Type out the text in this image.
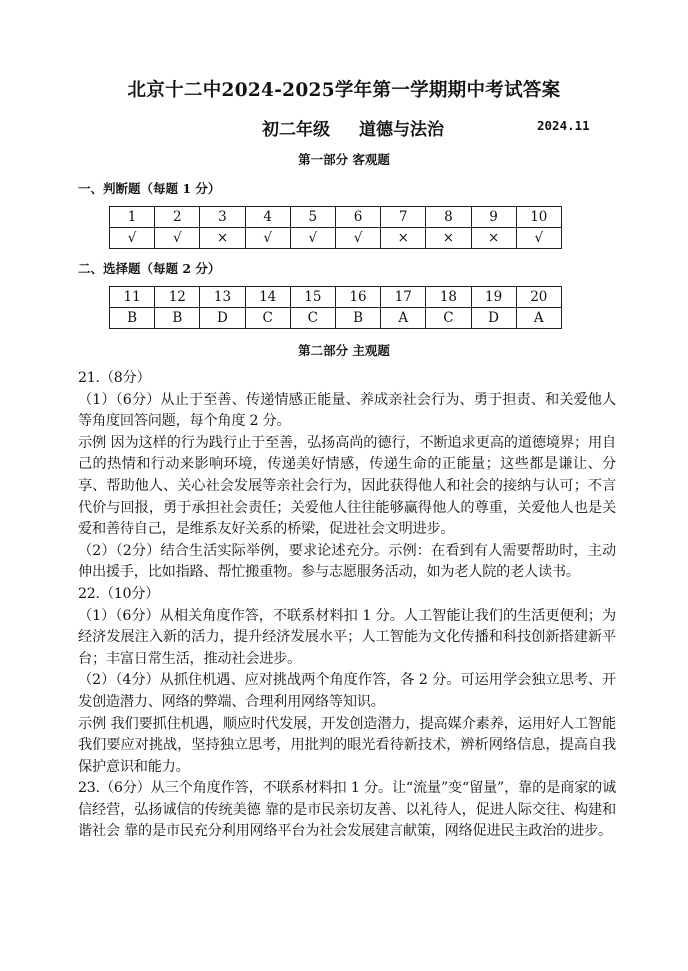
北京十二中2024-2025学年第一学期期中考试答案
初二年级 道德与法治	2024.11
第一部分 客观题
一、判断题（每题 1 分）
1	2	3	4	5	6	7	8	9	10
√	√	×	√	√	√	×	×	×	√
二、选择题（每题 2 分）
11	12	13	14	15	16	17	18	19	20
B	B	D	C	C	B	A	C	D	A
第二部分 主观题

21.（8分）

（1）（6分）从止于至善、传递情感正能量、养成亲社会行为、勇于担责、和关爱他人等角度回答问题，每个角度 2 分。

示例 因为这样的行为践行止于至善，弘扬高尚的德行，不断追求更高的道德境界；用自己的热情和行动来影响环境，传递美好情感，传递生命的正能量；这些都是谦让、分享、帮助他人、关心社会发展等亲社会行为，因此获得他人和社会的接纳与认可；不言代价与回报，勇于承担社会责任；关爱他人往往能够赢得他人的尊重，关爱他人也是关爱和善待自己，是维系友好关系的桥梁，促进社会文明进步。

（2）（2分）结合生活实际举例，要求论述充分。示例：在看到有人需要帮助时，主动伸出援手，比如指路、帮忙搬重物。参与志愿服务活动，如为老人院的老人读书。

22.（10分）

（1）（6分）从相关角度作答，不联系材料扣 1 分。人工智能让我们的生活更便利；为经济发展注入新的活力，提升经济发展水平；人工智能为文化传播和科技创新搭建新平台；丰富日常生活，推动社会进步。

（2）（4分）从抓住机遇、应对挑战两个角度作答，各 2 分。可运用学会独立思考、开发创造潜力、网络的弊端、合理利用网络等知识。

示例 我们要抓住机遇，顺应时代发展，开发创造潜力，提高媒介素养，运用好人工智能 我们要应对挑战，坚持独立思考，用批判的眼光看待新技术，辨析网络信息，提高自我保护意识和能力。

23.（6分）从三个角度作答，不联系材料扣 1 分。让“流量”变“留量”，靠的是商家的诚信经营，弘扬诚信的传统美德 靠的是市民亲切友善、以礼待人，促进人际交往、构建和谐社会 靠的是市民充分利用网络平台为社会发展建言献策，网络促进民主政治的进步。
